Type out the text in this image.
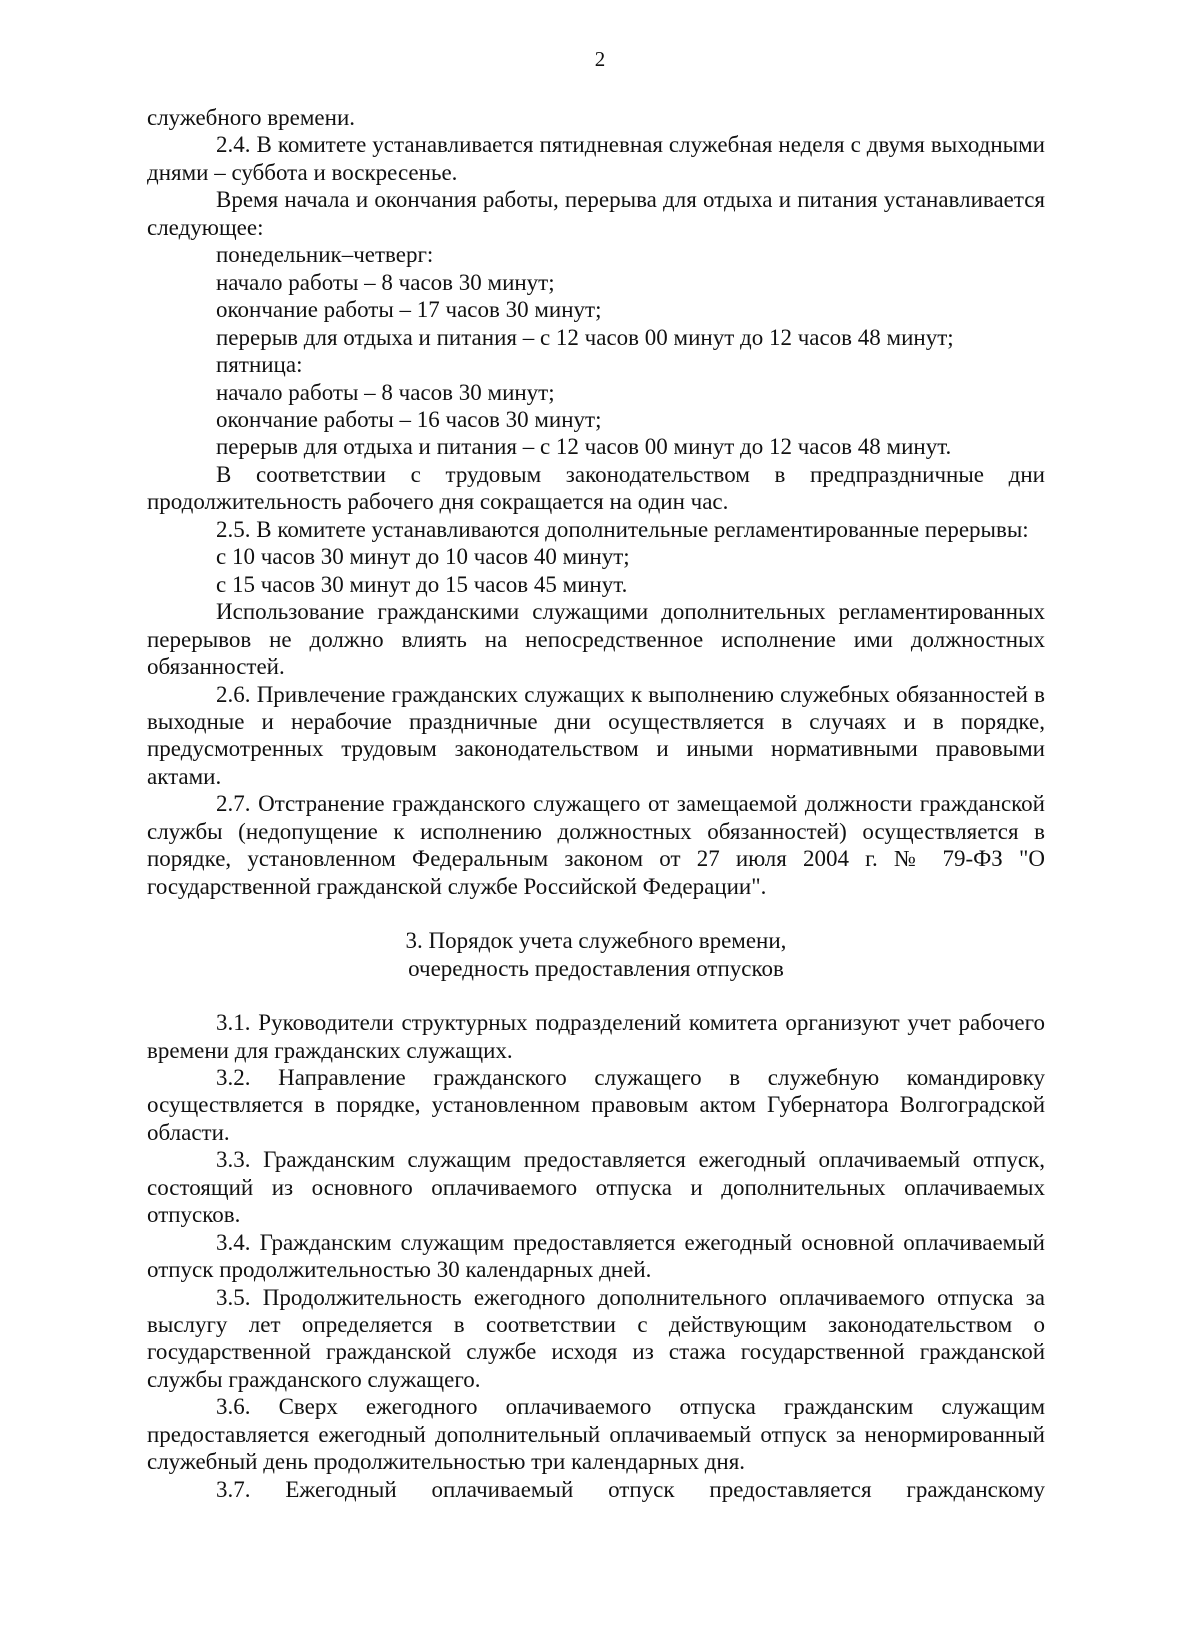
2

служебного времени.

2.4. В комитете устанавливается пятидневная служебная неделя с двумя выходными днями – суббота и воскресенье.

Время начала и окончания работы, перерыва для отдыха и питания устанавливается следующее:

понедельник–четверг:

начало работы – 8 часов 30 минут;

окончание работы – 17 часов 30 минут;

перерыв для отдыха и питания – с 12 часов 00 минут до 12 часов 48 минут;

пятница:

начало работы – 8 часов 30 минут;

окончание работы – 16 часов 30 минут;

перерыв для отдыха и питания – с 12 часов 00 минут до 12 часов 48 минут.

В соответствии с трудовым законодательством в предпраздничные дни продолжительность рабочего дня сокращается на один час.

2.5. В комитете устанавливаются дополнительные регламентированные перерывы:

с 10 часов 30 минут до 10 часов 40 минут;

с 15 часов 30 минут до 15 часов 45 минут.

Использование гражданскими служащими дополнительных регламентированных перерывов не должно влиять на непосредственное исполнение ими должностных обязанностей.

2.6. Привлечение гражданских служащих к выполнению служебных обязанностей в выходные и нерабочие праздничные дни осуществляется в случаях и в порядке, предусмотренных трудовым законодательством и иными нормативными правовыми актами.

2.7. Отстранение гражданского служащего от замещаемой должности гражданской службы (недопущение к исполнению должностных обязанностей) осуществляется в порядке, установленном Федеральным законом от 27 июля 2004 г. № 79-ФЗ "О государственной гражданской службе Российской Федерации".

3. Порядок учета служебного времени,

очередность предоставления отпусков

3.1. Руководители структурных подразделений комитета организуют учет рабочего времени для гражданских служащих.

3.2. Направление гражданского служащего в служебную командировку осуществляется в порядке, установленном правовым актом Губернатора Волгоградской области.

3.3. Гражданским служащим предоставляется ежегодный оплачиваемый отпуск, состоящий из основного оплачиваемого отпуска и дополнительных оплачиваемых отпусков.

3.4. Гражданским служащим предоставляется ежегодный основной оплачиваемый отпуск продолжительностью 30 календарных дней.

3.5. Продолжительность ежегодного дополнительного оплачиваемого отпуска за выслугу лет определяется в соответствии с действующим законодательством о государственной гражданской службе исходя из стажа государственной гражданской службы гражданского служащего.

3.6. Сверх ежегодного оплачиваемого отпуска гражданским служащим предоставляется ежегодный дополнительный оплачиваемый отпуск за ненормированный служебный день продолжительностью три календарных дня.

3.7. Ежегодный оплачиваемый отпуск предоставляется гражданскому
